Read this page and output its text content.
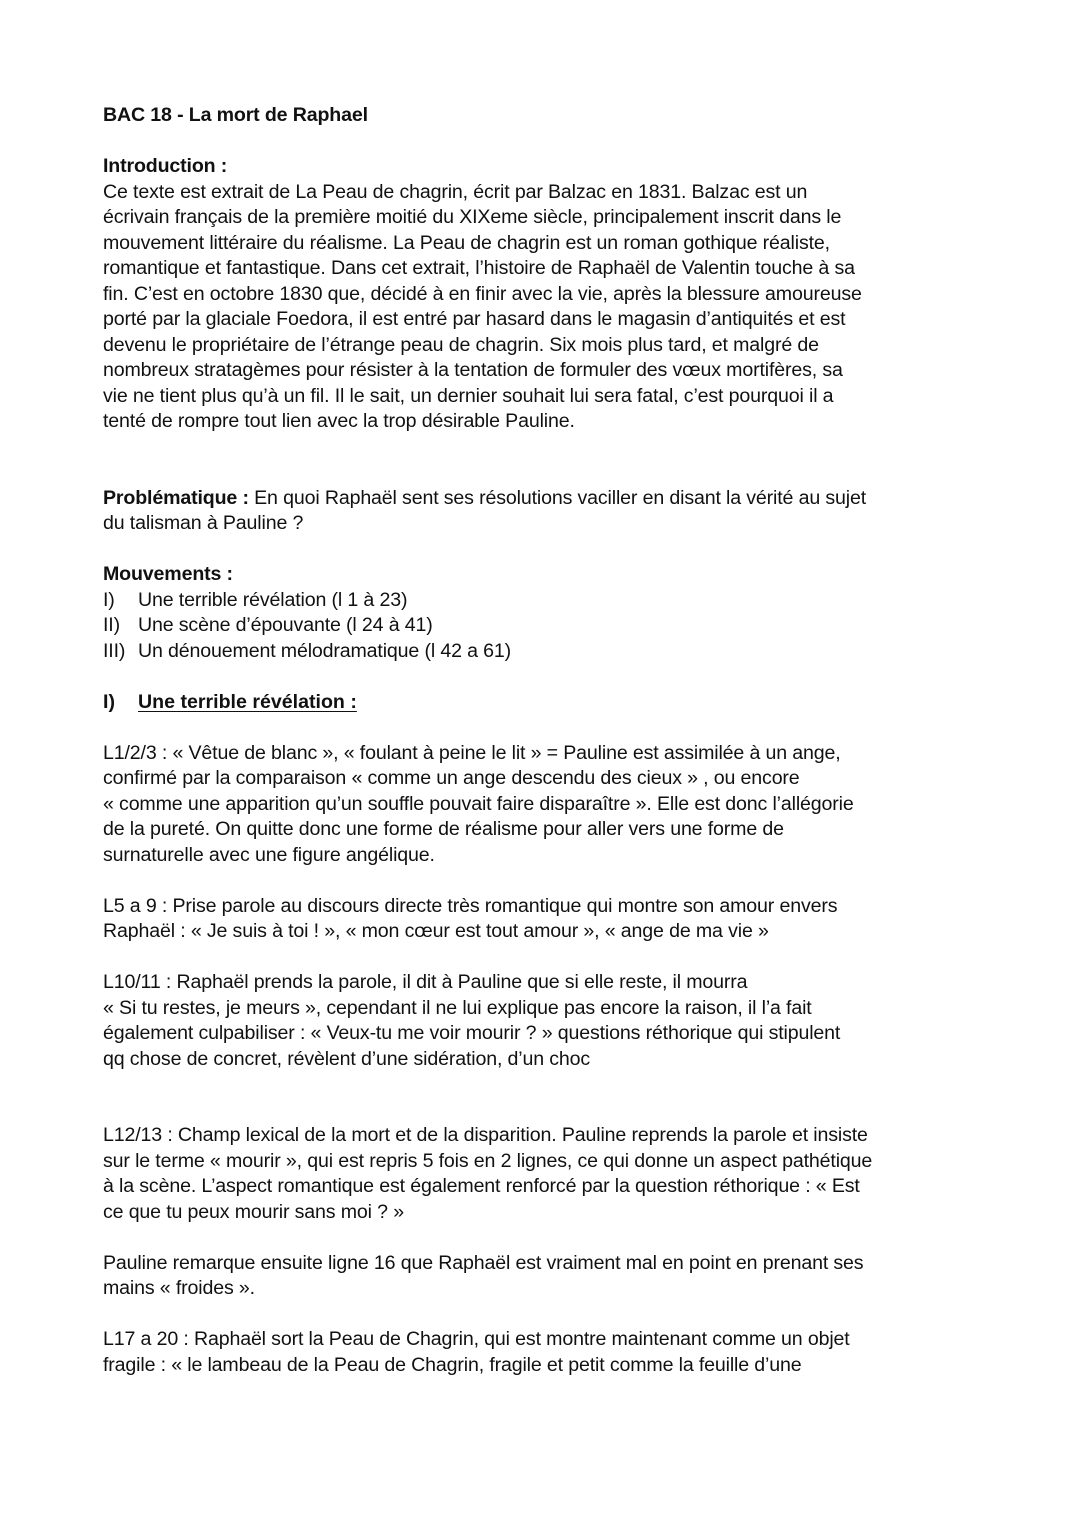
BAC 18 - La mort de Raphael

Introduction :

Ce texte est extrait de La Peau de chagrin, écrit par Balzac en 1831. Balzac est un

écrivain français de la première moitié du XIXeme siècle, principalement inscrit dans le

mouvement littéraire du réalisme. La Peau de chagrin est un roman gothique réaliste,

romantique et fantastique. Dans cet extrait, l’histoire de Raphaël de Valentin touche à sa

fin. C’est en octobre 1830 que, décidé à en finir avec la vie, après la blessure amoureuse

porté par la glaciale Foedora, il est entré par hasard dans le magasin d’antiquités et est

devenu le propriétaire de l’étrange peau de chagrin. Six mois plus tard, et malgré de

nombreux stratagèmes pour résister à la tentation de formuler des vœux mortifères, sa

vie ne tient plus qu’à un fil. Il le sait, un dernier souhait lui sera fatal, c’est pourquoi il a

tenté de rompre tout lien avec la trop désirable Pauline.

Problématique : En quoi Raphaël sent ses résolutions vaciller en disant la vérité au sujet

du talisman à Pauline ?

Mouvements :

I)	Une terrible révélation (l 1 à 23)
II) Une scène d’épouvante (l 24 à 41)
III) Un dénouement mélodramatique (l 42 a 61)
I)	Une terrible révélation :

L1/2/3 : « Vêtue de blanc », « foulant à peine le lit » = Pauline est assimilée à un ange,

confirmé par la comparaison « comme un ange descendu des cieux » , ou encore

« comme une apparition qu’un souffle pouvait faire disparaître ». Elle est donc l’allégorie

de la pureté. On quitte donc une forme de réalisme pour aller vers une forme de

surnaturelle avec une figure angélique.

L5 a 9 : Prise parole au discours directe très romantique qui montre son amour envers

Raphaël : « Je suis à toi ! », « mon cœur est tout amour », « ange de ma vie »

L10/11 : Raphaël prends la parole, il dit à Pauline que si elle reste, il mourra

« Si tu restes, je meurs », cependant il ne lui explique pas encore la raison, il l’a fait

également culpabiliser : « Veux-tu me voir mourir ? » questions réthorique qui stipulent

qq chose de concret, révèlent d’une sidération, d’un choc

L12/13 : Champ lexical de la mort et de la disparition. Pauline reprends la parole et insiste

sur le terme « mourir », qui est repris 5 fois en 2 lignes, ce qui donne un aspect pathétique

à la scène. L’aspect romantique est également renforcé par la question réthorique : « Est

ce que tu peux mourir sans moi ? »

Pauline remarque ensuite ligne 16 que Raphaël est vraiment mal en point en prenant ses

mains « froides ».

L17 a 20 : Raphaël sort la Peau de Chagrin, qui est montre maintenant comme un objet

fragile : « le lambeau de la Peau de Chagrin, fragile et petit comme la feuille d’une
